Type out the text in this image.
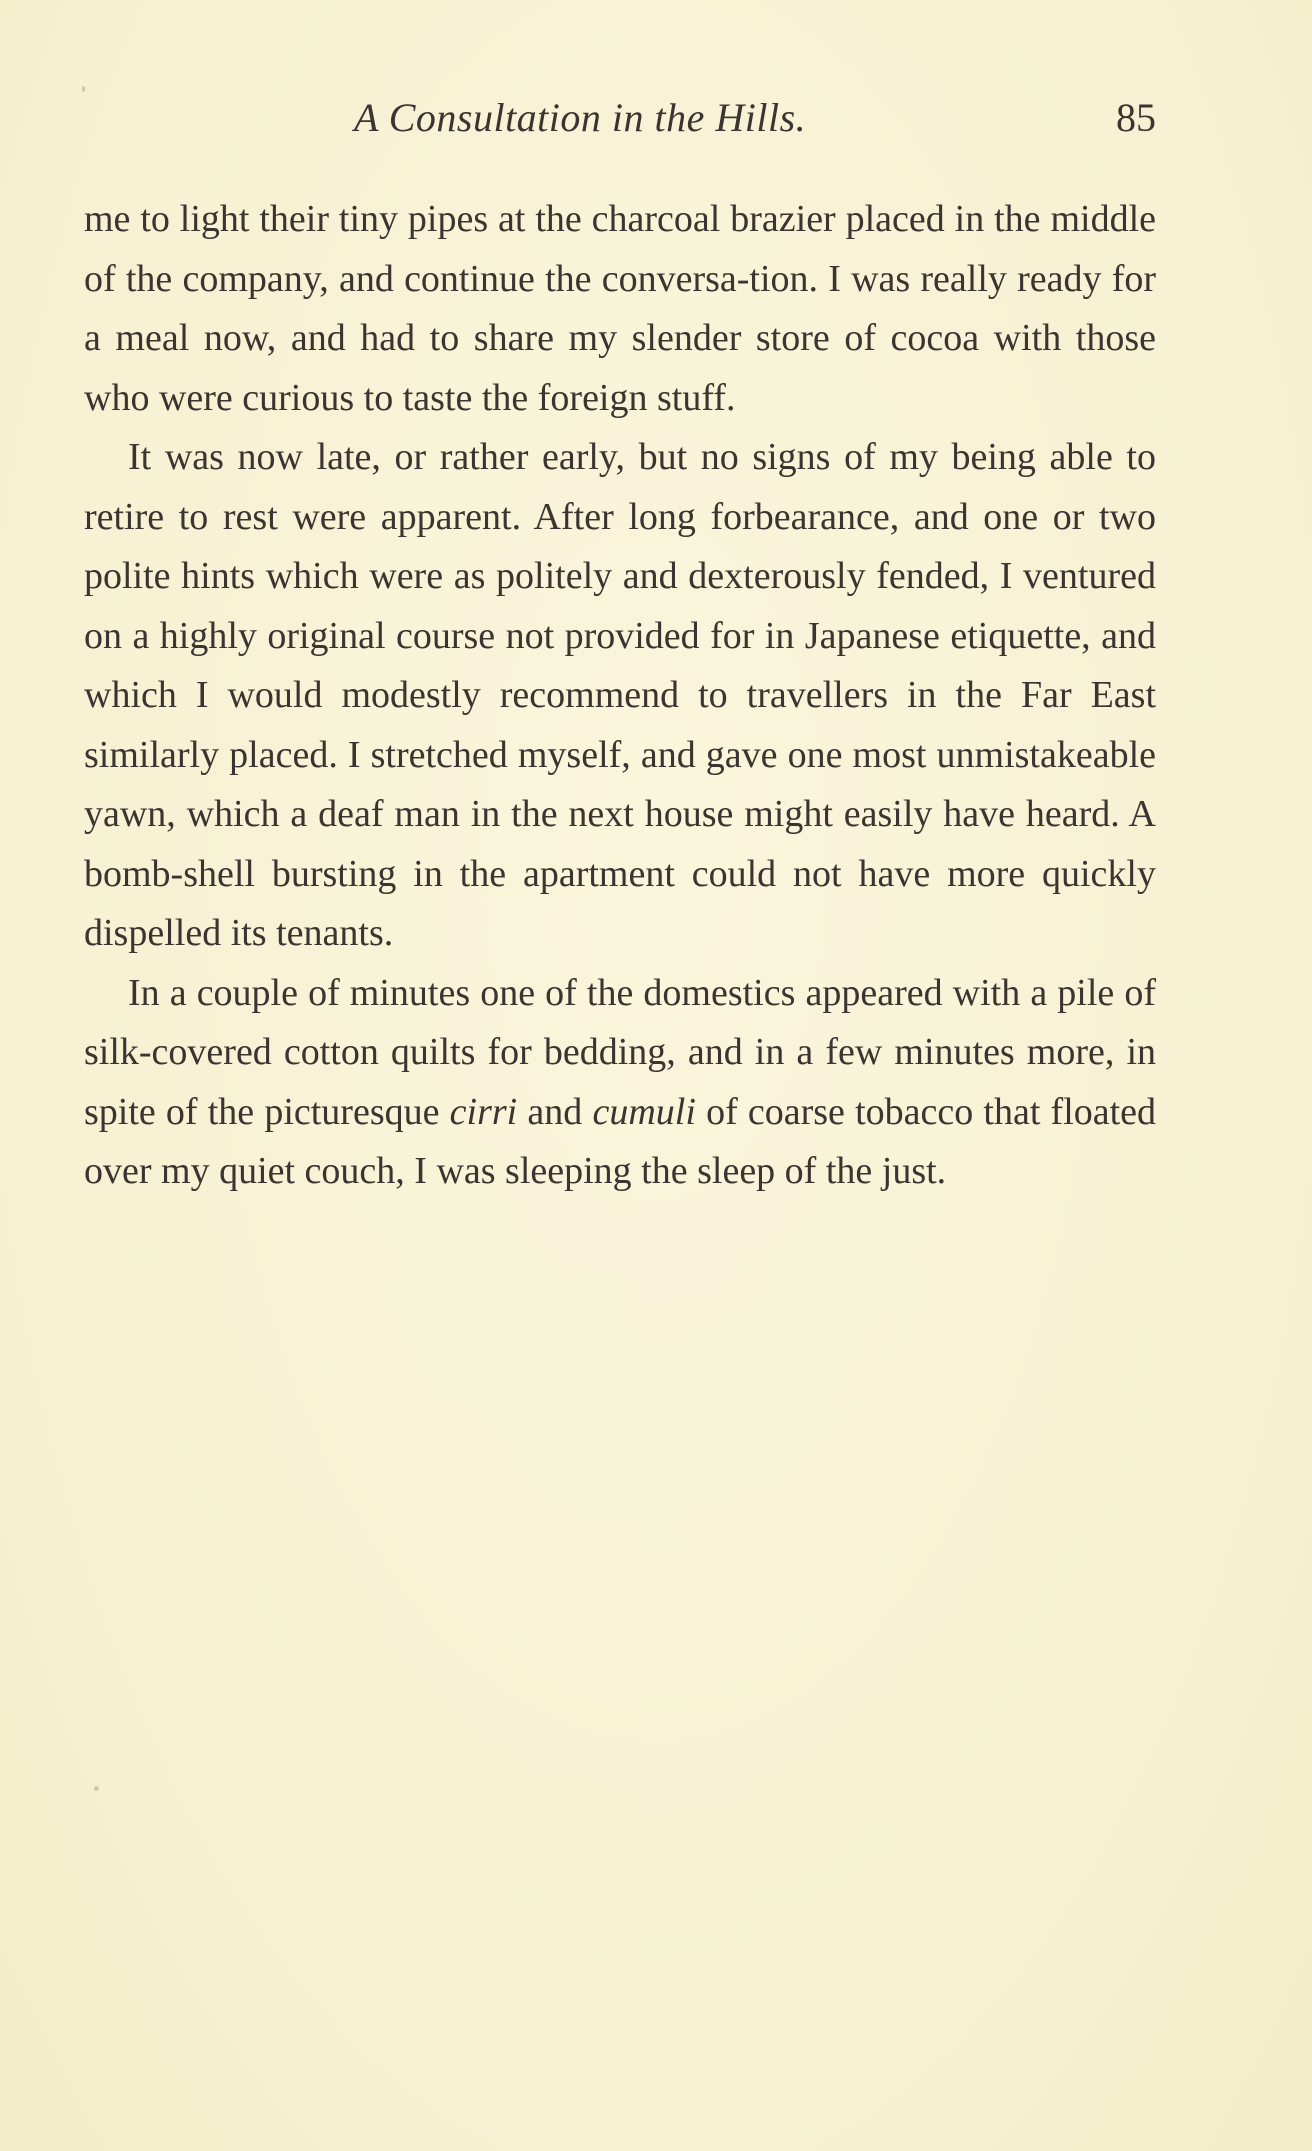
A Consultation in the Hills.	85

me to light their tiny pipes at the charcoal brazier placed in the middle of the company, and continue the conversa-tion. I was really ready for a meal now, and had to share my slender store of cocoa with those who were curious to taste the foreign stuff.

It was now late, or rather early, but no signs of my being able to retire to rest were apparent. After long forbearance, and one or two polite hints which were as politely and dexterously fended, I ventured on a highly original course not provided for in Japanese etiquette, and which I would modestly recommend to travellers in the Far East similarly placed. I stretched myself, and gave one most unmistakeable yawn, which a deaf man in the next house might easily have heard. A bomb-shell bursting in the apartment could not have more quickly dispelled its tenants.

In a couple of minutes one of the domestics appeared with a pile of silk-covered cotton quilts for bedding, and in a few minutes more, in spite of the picturesque cirri and cumuli of coarse tobacco that floated over my quiet couch, I was sleeping the sleep of the just.
